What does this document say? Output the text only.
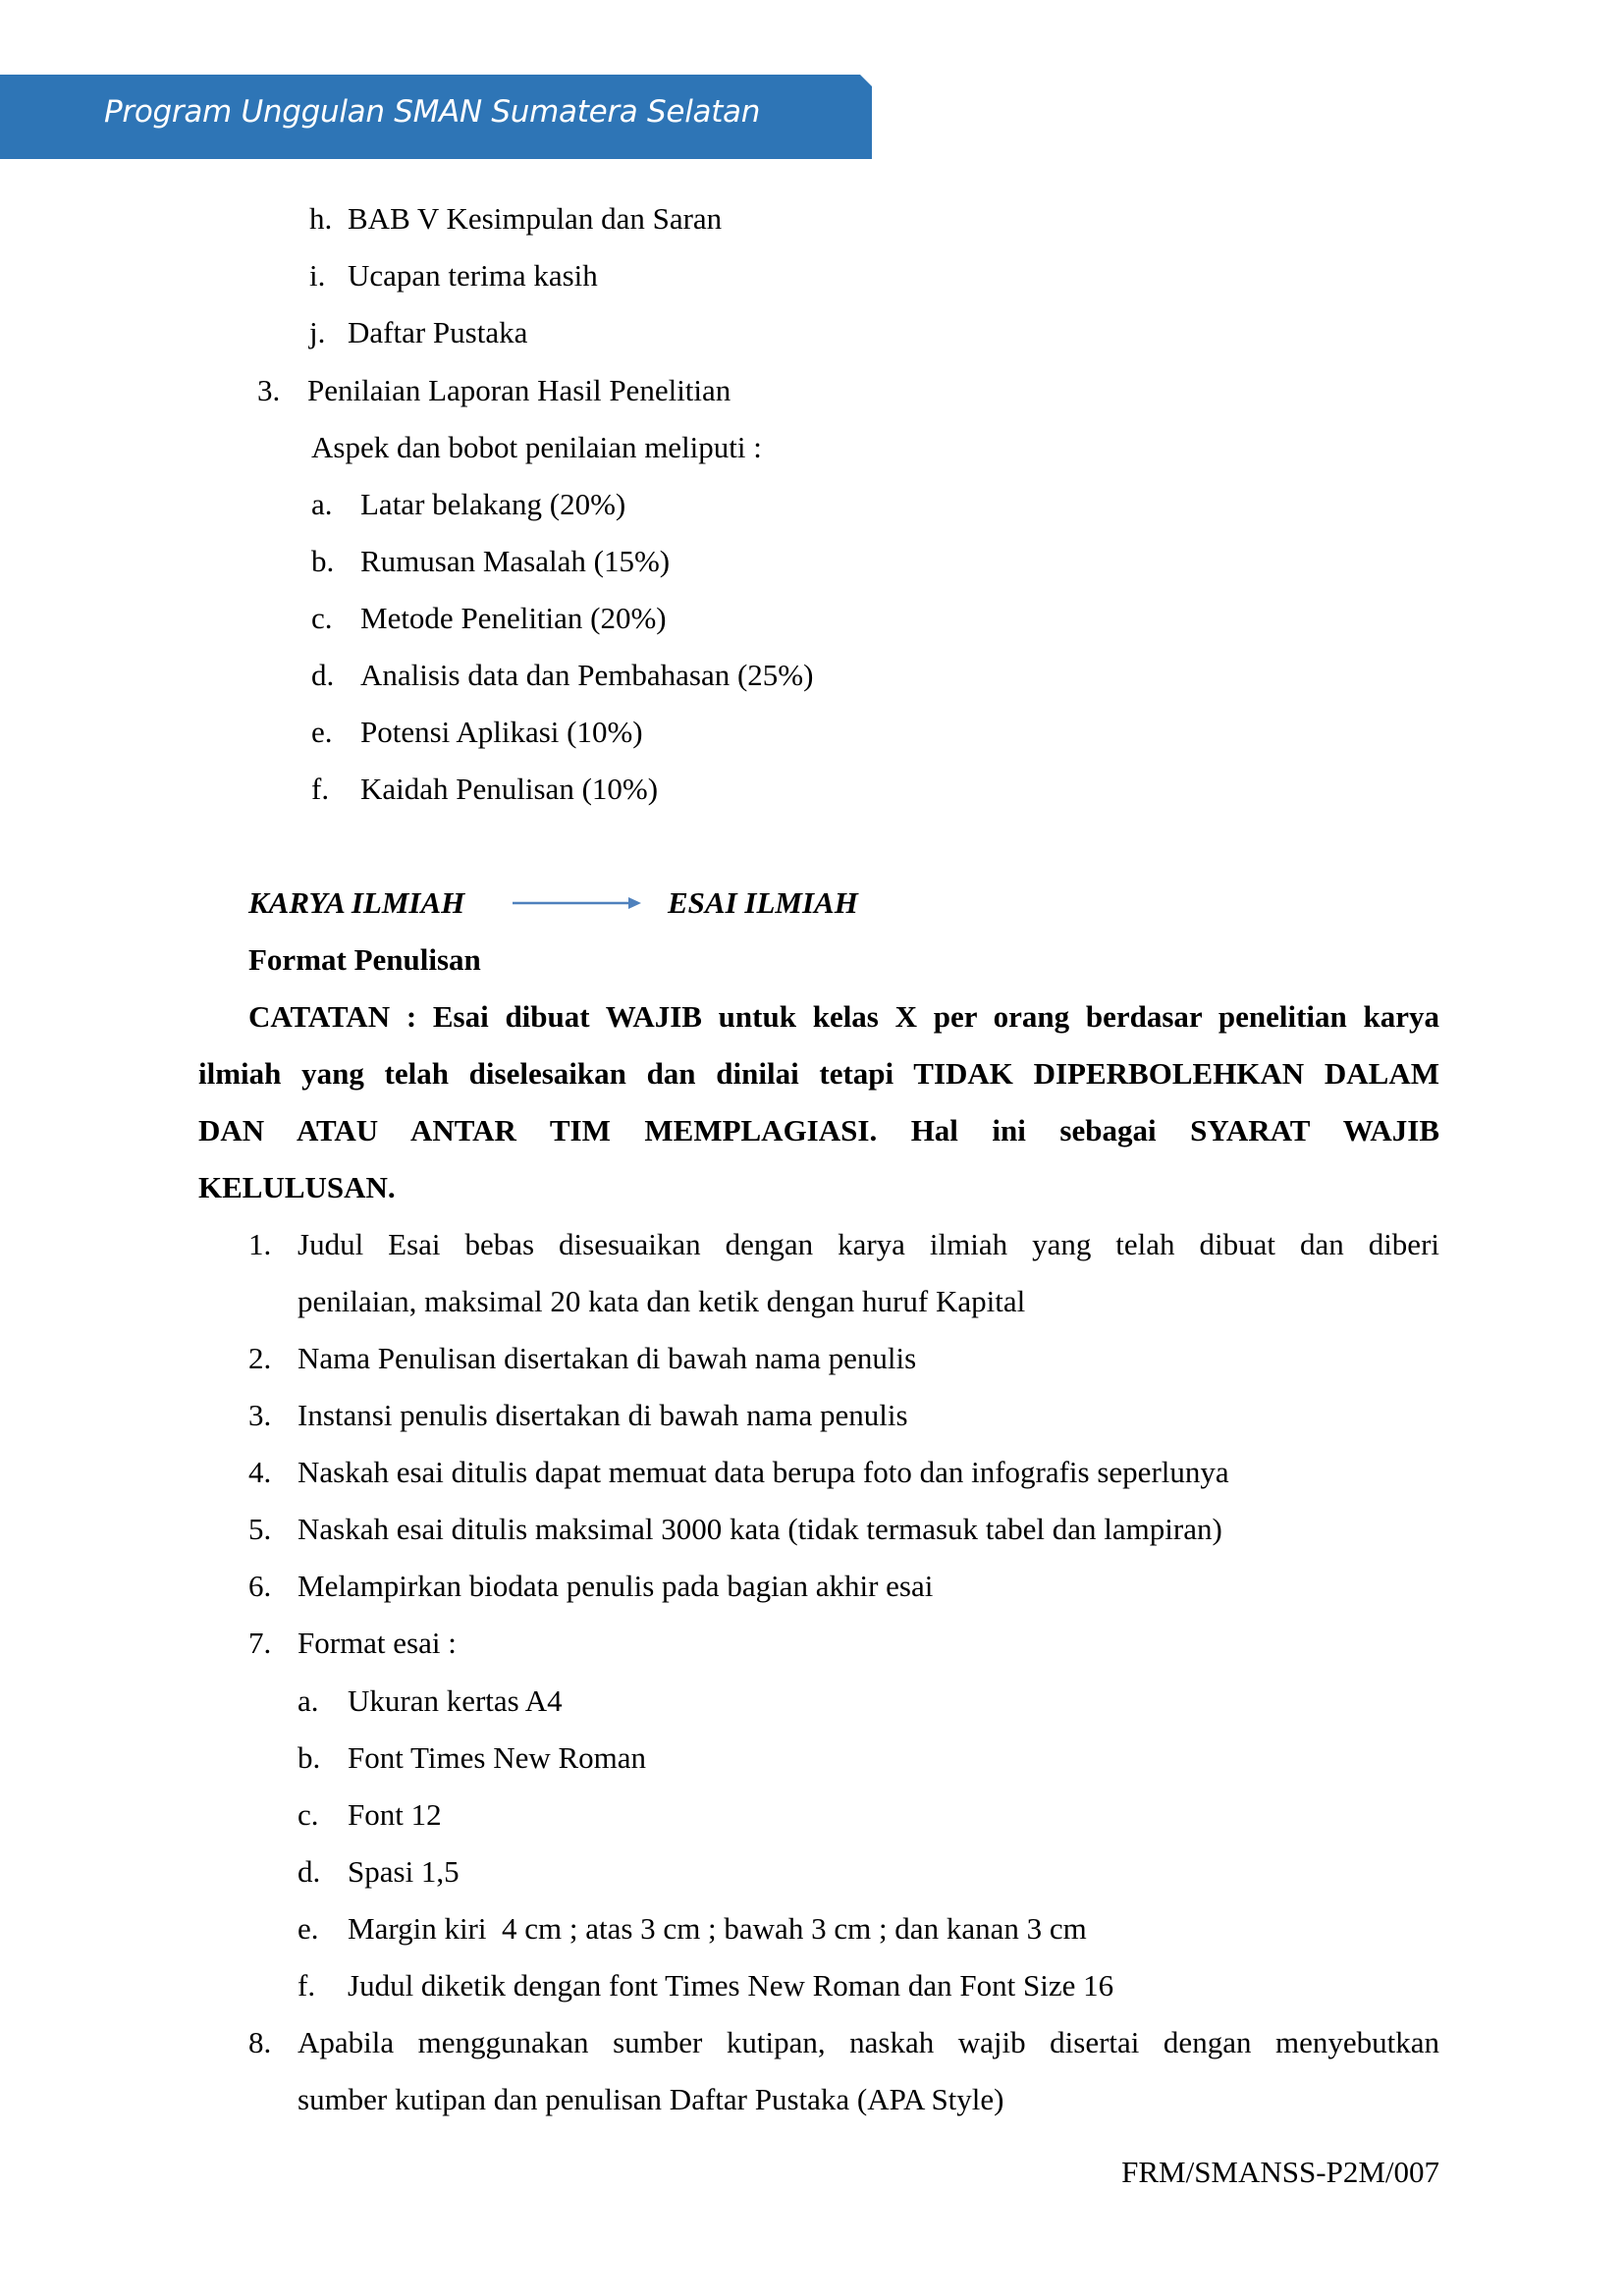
Program Unggulan SMAN Sumatera Selatan
h. BAB V Kesimpulan dan Saran
i. Ucapan terima kasih
j. Daftar Pustaka
3. Penilaian Laporan Hasil Penelitian
Aspek dan bobot penilaian meliputi :
a. Latar belakang (20%)
b. Rumusan Masalah (15%)
c. Metode Penelitian (20%)
d. Analisis data dan Pembahasan (25%)
e. Potensi Aplikasi (10%)
f. Kaidah Penulisan (10%)
KARYA ILMIAH	ESAI ILMIAH
Format Penulisan
CATATAN : Esai dibuat WAJIB untuk kelas X per orang berdasar penelitian karya
ilmiah yang telah diselesaikan dan dinilai tetapi TIDAK DIPERBOLEHKAN DALAM
DAN ATAU ANTAR TIM MEMPLAGIASI. Hal ini sebagai SYARAT WAJIB
KELULUSAN.
1. Judul Esai bebas disesuaikan dengan karya ilmiah yang telah dibuat dan diberi
penilaian, maksimal 20 kata dan ketik dengan huruf Kapital
2. Nama Penulisan disertakan di bawah nama penulis
3. Instansi penulis disertakan di bawah nama penulis
4. Naskah esai ditulis dapat memuat data berupa foto dan infografis seperlunya
5. Naskah esai ditulis maksimal 3000 kata (tidak termasuk tabel dan lampiran)
6. Melampirkan biodata penulis pada bagian akhir esai
7. Format esai :
a. Ukuran kertas A4
b. Font Times New Roman
c. Font 12
d. Spasi 1,5
e. Margin kiri  4 cm ; atas 3 cm ; bawah 3 cm ; dan kanan 3 cm
f. Judul diketik dengan font Times New Roman dan Font Size 16
8. Apabila menggunakan sumber kutipan, naskah wajib disertai dengan menyebutkan
sumber kutipan dan penulisan Daftar Pustaka (APA Style)
FRM/SMANSS-P2M/007
